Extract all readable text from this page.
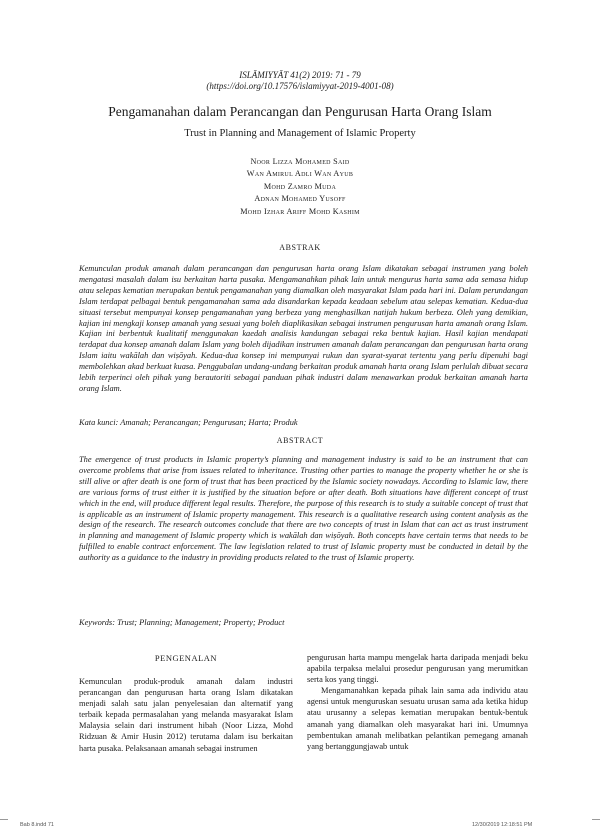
ISLĀMIYYĀT 41(2) 2019: 71 - 79
(https://doi.org/10.17576/islamiyyat-2019-4001-08)
Pengamanahan dalam Perancangan dan Pengurusan Harta Orang Islam
Trust in Planning and Management of Islamic Property
Noor Lizza Mohamed Said
Wan Amirul Adli Wan Ayub
Mohd Zamro Muda
Adnan Mohamed Yusoff
Mohd Izhar Ariff Mohd Kashim
ABSTRAK
Kemunculan produk amanah dalam perancangan dan pengurusan harta orang Islam dikatakan sebagai instrumen yang boleh mengatasi masalah dalam isu berkaitan harta pusaka. Mengamanahkan pihak lain untuk mengurus harta sama ada semasa hidup atau selepas kematian merupakan bentuk pengamanahan yang diamalkan oleh masyarakat Islam pada hari ini. Dalam perundangan Islam terdapat pelbagai bentuk pengamanahan sama ada disandarkan kepada keadaan sebelum atau selepas kematian. Kedua-dua situasi tersebut mempunyai konsep pengamanahan yang berbeza yang menghasilkan natijah hukum berbeza. Oleh yang demikian, kajian ini mengkaji konsep amanah yang sesuai yang boleh diaplikasikan sebagai instrumen pengurusan harta amanah orang Islam. Kajian ini berbentuk kualitatif menggunakan kaedah analisis kandungan sebagai reka bentuk kajian. Hasil kajian mendapati terdapat dua konsep amanah dalam Islam yang boleh dijadikan instrumen amanah dalam perancangan dan pengurusan harta orang Islam iaitu wakālah dan wiṣōyah. Kedua-dua konsep ini mempunyai rukun dan syarat-syarat tertentu yang perlu dipenuhi bagi membolehkan akad berkuat kuasa. Penggubalan undang-undang berkaitan produk amanah harta orang Islam perlulah dibuat secara lebih terperinci oleh pihak yang berautoriti sebagai panduan pihak industri dalam menawarkan produk berkaitan amanah harta orang Islam.
Kata kunci: Amanah; Perancangan; Pengurusan; Harta; Produk
ABSTRACT
The emergence of trust products in Islamic property’s planning and management industry is said to be an instrument that can overcome problems that arise from issues related to inheritance. Trusting other parties to manage the property whether he or she is still alive or after death is one form of trust that has been practiced by the Islamic society nowadays. According to Islamic law, there are various forms of trust either it is justified by the situation before or after death. Both situations have different concept of trust which in the end, will produce different legal results. Therefore, the purpose of this research is to study a suitable concept of trust that is applicable as an instrument of Islamic property management. This research is a qualitative research using content analysis as the design of the research. The research outcomes conclude that there are two concepts of trust in Islam that can act as trust instrument in planning and management of Islamic property which is wakālah dan wiṣōyah. Both concepts have certain terms that needs to be fulfilled to enable contract enforcement. The law legislation related to trust of Islamic property must be conducted in detail by the authority as a guidance to the industry in providing products related to the trust of Islamic property.
Keywords: Trust; Planning; Management; Property; Product
PENGENALAN

Kemunculan produk-produk amanah dalam industri perancangan dan pengurusan harta orang Islam dikatakan menjadi salah satu jalan penyelesaian dan alternatif yang terbaik kepada permasalahan yang melanda masyarakat Islam Malaysia selain dari instrument hibah (Noor Lizza, Mohd Ridzuan & Amir Husin 2012) terutama dalam isu berkaitan harta pusaka. Pelaksanaan amanah sebagai instrumen

pengurusan harta mampu mengelak harta daripada menjadi beku apabila terpaksa melalui prosedur pengurusan yang merumitkan serta kos yang tinggi.

Mengamanahkan kepada pihak lain sama ada individu atau agensi untuk menguruskan sesuatu urusan sama ada ketika hidup atau urusanny a selepas kematian merupakan bentuk-bentuk amanah yang diamalkan oleh masyarakat hari ini. Umumnya pembentukan amanah melibatkan pelantikan pemegang amanah yang bertanggungjawab untuk

Bab 8.indd 71	12/30/2019 12:18:51 PM
